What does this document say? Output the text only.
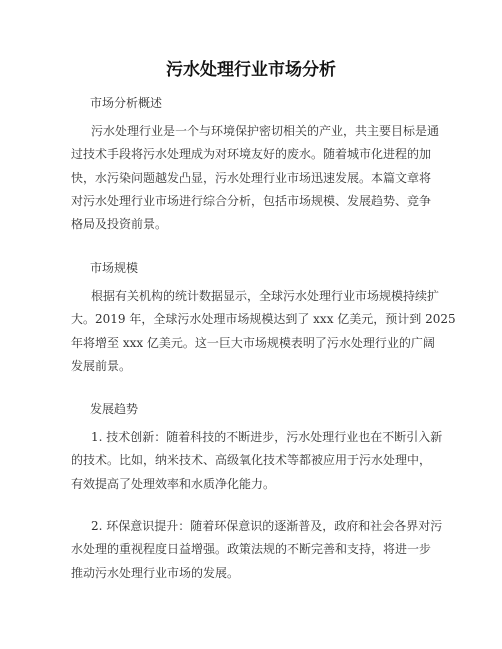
污水处理行业市场分析
市场分析概述

污水处理行业是一个与环境保护密切相关的产业，共主要目标是通
过技术手段将污水处理成为对环境友好的废水。随着城市化进程的加
快，水污染问题越发凸显，污水处理行业市场迅速发展。本篇文章将
对污水处理行业市场进行综合分析，包括市场规模、发展趋势、竞争
格局及投资前景。

市场规模

根据有关机构的统计数据显示，全球污水处理行业市场规模持续扩
大。2019 年，全球污水处理市场规模达到了 xxx 亿美元，预计到 2025
年将增至 xxx 亿美元。这一巨大市场规模表明了污水处理行业的广阔
发展前景。

发展趋势

1. 技术创新：随着科技的不断进步，污水处理行业也在不断引入新
的技术。比如，纳米技术、高级氧化技术等都被应用于污水处理中，
有效提高了处理效率和水质净化能力。

2. 环保意识提升：随着环保意识的逐渐普及，政府和社会各界对污
水处理的重视程度日益增强。政策法规的不断完善和支持，将进一步
推动污水处理行业市场的发展。
